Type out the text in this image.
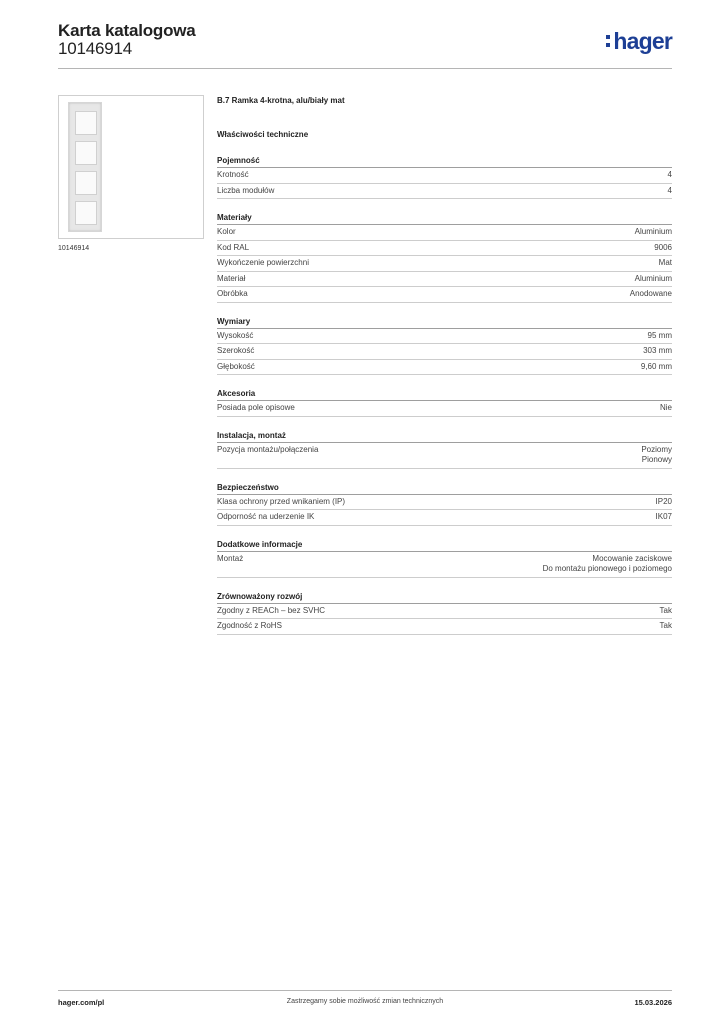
Karta katalogowa
10146914	hager
10146914
B.7 Ramka 4-krotna, alu/biały mat
Właściwości techniczne
Pojemność
Krotność	4
Liczba modułów	4
Materiały
Kolor	Aluminium
Kod RAL	9006
Wykończenie powierzchni	Mat
Materiał	Aluminium
Obróbka	Anodowane
Wymiary
Wysokość	95 mm
Szerokość	303 mm
Głębokość	9,60 mm
Akcesoria
Posiada pole opisowe	Nie
Instalacja, montaż
Pozycja montażu/połączenia	Poziomy
Pionowy
Bezpieczeństwo
Klasa ochrony przed wnikaniem (IP)	IP20
Odporność na uderzenie IK	IK07
Dodatkowe informacje
Montaż	Mocowanie zaciskowe
Do montażu pionowego i poziomego
Zrównoważony rozwój
Zgodny z REACh – bez SVHC	Tak
Zgodność z RoHS	Tak
Zastrzegamy sobie możliwość zmian technicznych
hager.com/pl	15.03.2026
